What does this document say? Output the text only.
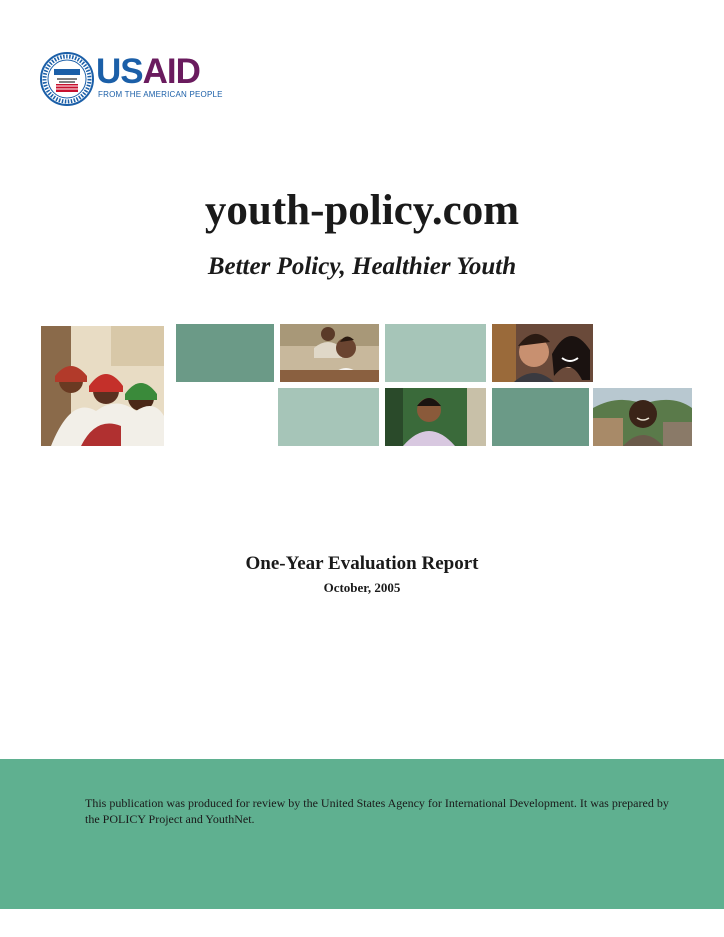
USAID
FROM THE AMERICAN PEOPLE
youth-policy.com
Better Policy, Healthier Youth
One-Year Evaluation Report
October, 2005
This publication was produced for review by the United States Agency for International Development. It was prepared by the POLICY Project and YouthNet.
